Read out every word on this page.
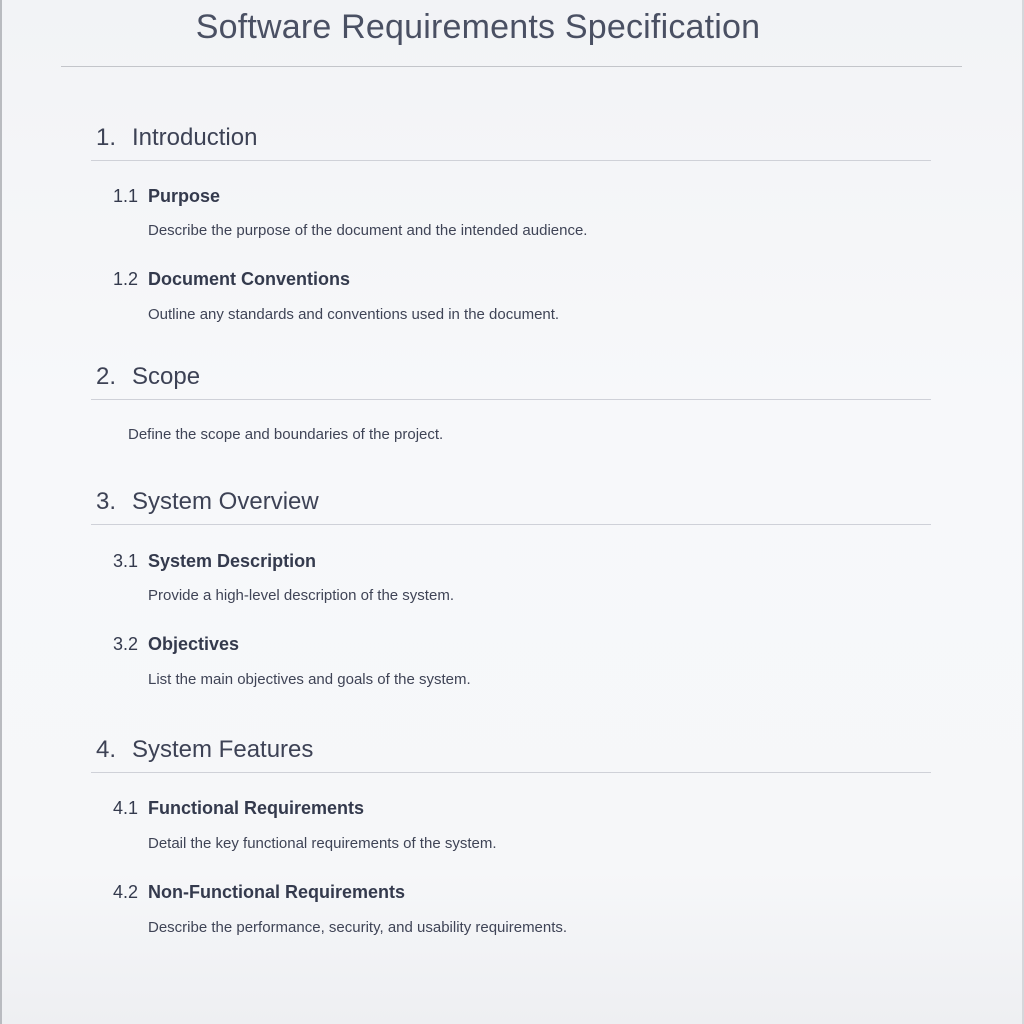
Software Requirements Specification
1. Introduction
1.1 Purpose
Describe the purpose of the document and the intended audience.
1.2 Document Conventions
Outline any standards and conventions used in the document.
2. Scope
Define the scope and boundaries of the project.
3. System Overview
3.1 System Description
Provide a high-level description of the system.
3.2 Objectives
List the main objectives and goals of the system.
4. System Features
4.1 Functional Requirements
Detail the key functional requirements of the system.
4.2 Non-Functional Requirements
Describe the performance, security, and usability requirements.
